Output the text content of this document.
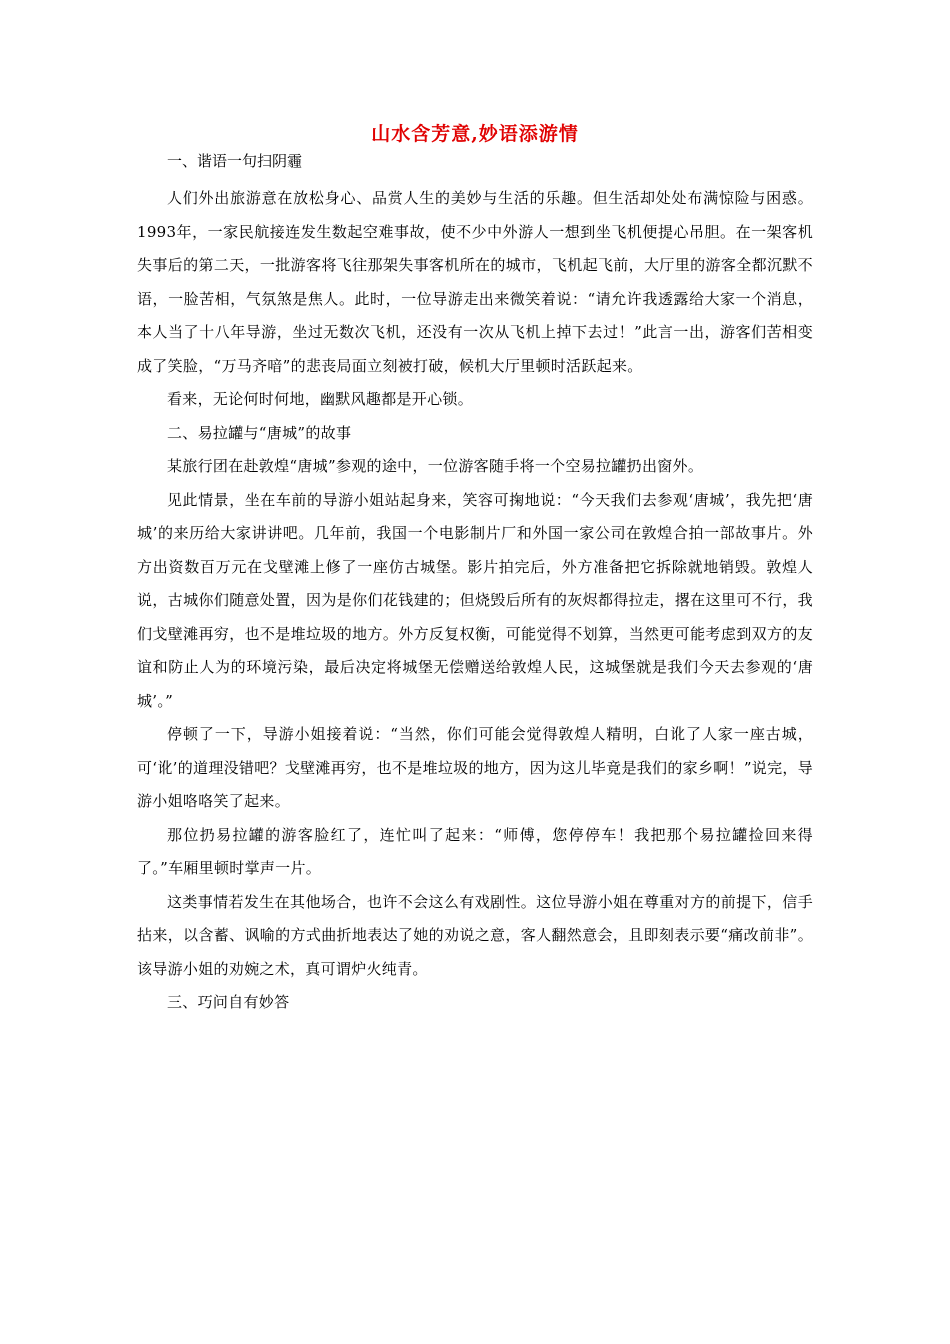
山水含芳意,妙语添游情

一、谐语一句扫阴霾

人们外出旅游意在放松身心、品赏人生的美妙与生活的乐趣。但生活却处处布满惊险与困惑。1993年，一家民航接连发生数起空难事故，使不少中外游人一想到坐飞机便提心吊胆。在一架客机失事后的第二天，一批游客将飞往那架失事客机所在的城市，飞机起飞前，大厅里的游客全都沉默不语，一脸苦相，气氛煞是焦人。此时，一位导游走出来微笑着说：“请允许我透露给大家一个消息，本人当了十八年导游，坐过无数次飞机，还没有一次从飞机上掉下去过！”此言一出，游客们苦相变成了笑脸，“万马齐喑”的悲丧局面立刻被打破，候机大厅里顿时活跃起来。

看来，无论何时何地，幽默风趣都是开心锁。

二、易拉罐与“唐城”的故事

某旅行团在赴敦煌“唐城”参观的途中，一位游客随手将一个空易拉罐扔出窗外。

见此情景，坐在车前的导游小姐站起身来，笑容可掬地说：“今天我们去参观‘唐城’，我先把‘唐城’的来历给大家讲讲吧。几年前，我国一个电影制片厂和外国一家公司在敦煌合拍一部故事片。外方出资数百万元在戈壁滩上修了一座仿古城堡。影片拍完后，外方准备把它拆除就地销毁。敦煌人说，古城你们随意处置，因为是你们花钱建的；但烧毁后所有的灰烬都得拉走，撂在这里可不行，我们戈壁滩再穷，也不是堆垃圾的地方。外方反复权衡，可能觉得不划算，当然更可能考虑到双方的友谊和防止人为的环境污染，最后决定将城堡无偿赠送给敦煌人民，这城堡就是我们今天去参观的‘唐城’。”

停顿了一下，导游小姐接着说：“当然，你们可能会觉得敦煌人精明，白讹了人家一座古城，可‘讹’的道理没错吧？戈壁滩再穷，也不是堆垃圾的地方，因为这儿毕竟是我们的家乡啊！”说完，导游小姐咯咯笑了起来。

那位扔易拉罐的游客脸红了，连忙叫了起来：“师傅，您停停车！我把那个易拉罐捡回来得了。”车厢里顿时掌声一片。

这类事情若发生在其他场合，也许不会这么有戏剧性。这位导游小姐在尊重对方的前提下，信手拈来，以含蓄、讽喻的方式曲折地表达了她的劝说之意，客人翻然意会，且即刻表示要“痛改前非”。该导游小姐的劝婉之术，真可谓炉火纯青。

三、巧问自有妙答
